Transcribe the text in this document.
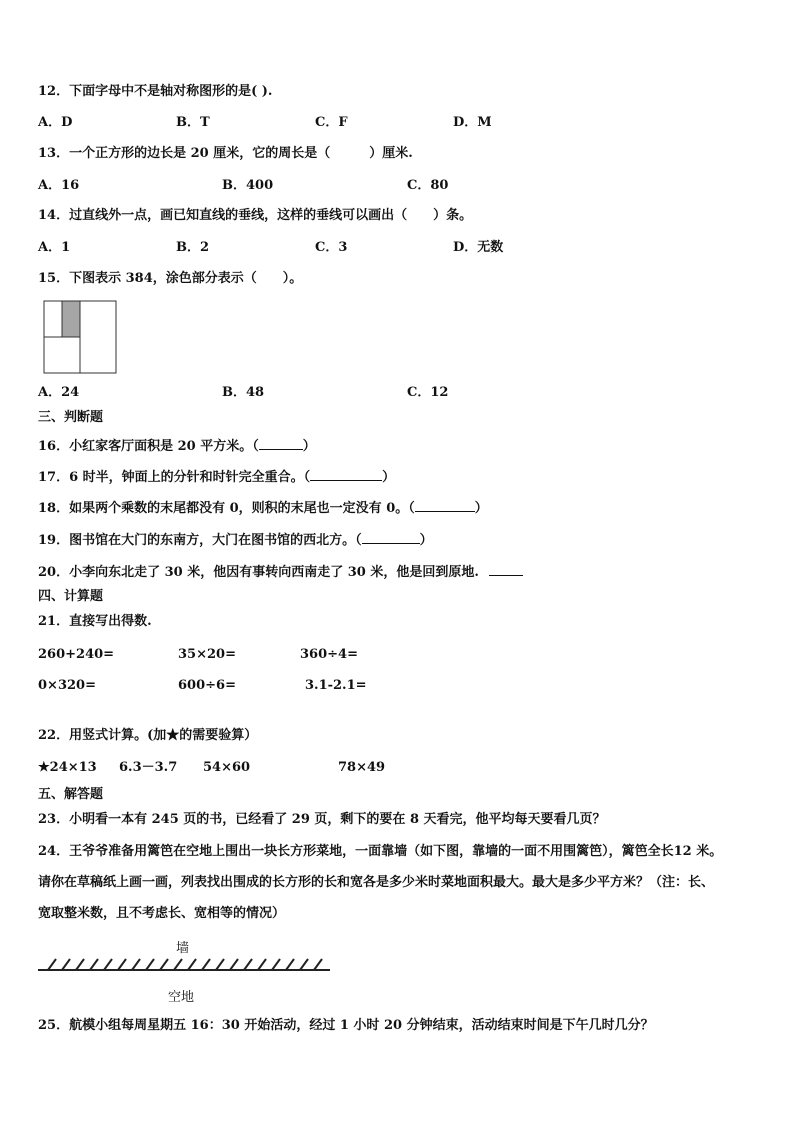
12．下面字母中不是轴对称图形的是( ).
A．D	B．T	C．F	D．M
13．一个正方形的边长是 20 厘米，它的周长是（　　　）厘米.
A．16	B．400	C．80
14．过直线外一点，画已知直线的垂线，这样的垂线可以画出（　　）条。
A．1	B．2	C．3	D．无数
15．下图表示 384，涂色部分表示（　　）。
A．24	B．48	C．12
三、判断题
16．小红家客厅面积是 20 平方米。（	）
17．6 时半，钟面上的分针和时针完全重合。（	）
18．如果两个乘数的末尾都没有 0，则积的末尾也一定没有 0。（	）
19．图书馆在大门的东南方，大门在图书馆的西北方。（	）
20．小李向东北走了 30 米，他因有事转向西南走了 30 米，他是回到原地.
四、计算题
21．直接写出得数.
260+240=	35×20=	360÷4=
0×320=	600÷6=	3.1-2.1=
22．用竖式计算。(加★的需要验算）
★24×13 6.3－3.7 54×60	78×49
五、解答题
23．小明看一本有 245 页的书，已经看了 29 页，剩下的要在 8 天看完，他平均每天要看几页？
24．王爷爷准备用篱笆在空地上围出一块长方形菜地，一面靠墙（如下图，靠墙的一面不用围篱笆），篱笆全长12 米。
请你在草稿纸上画一画，列表找出围成的长方形的长和宽各是多少米时菜地面积最大。最大是多少平方米？（注：长、
宽取整米数，且不考虑长、宽相等的情况）
墙
空地
25．航模小组每周星期五 16：30 开始活动，经过 1 小时 20 分钟结束，活动结束时间是下午几时几分？
